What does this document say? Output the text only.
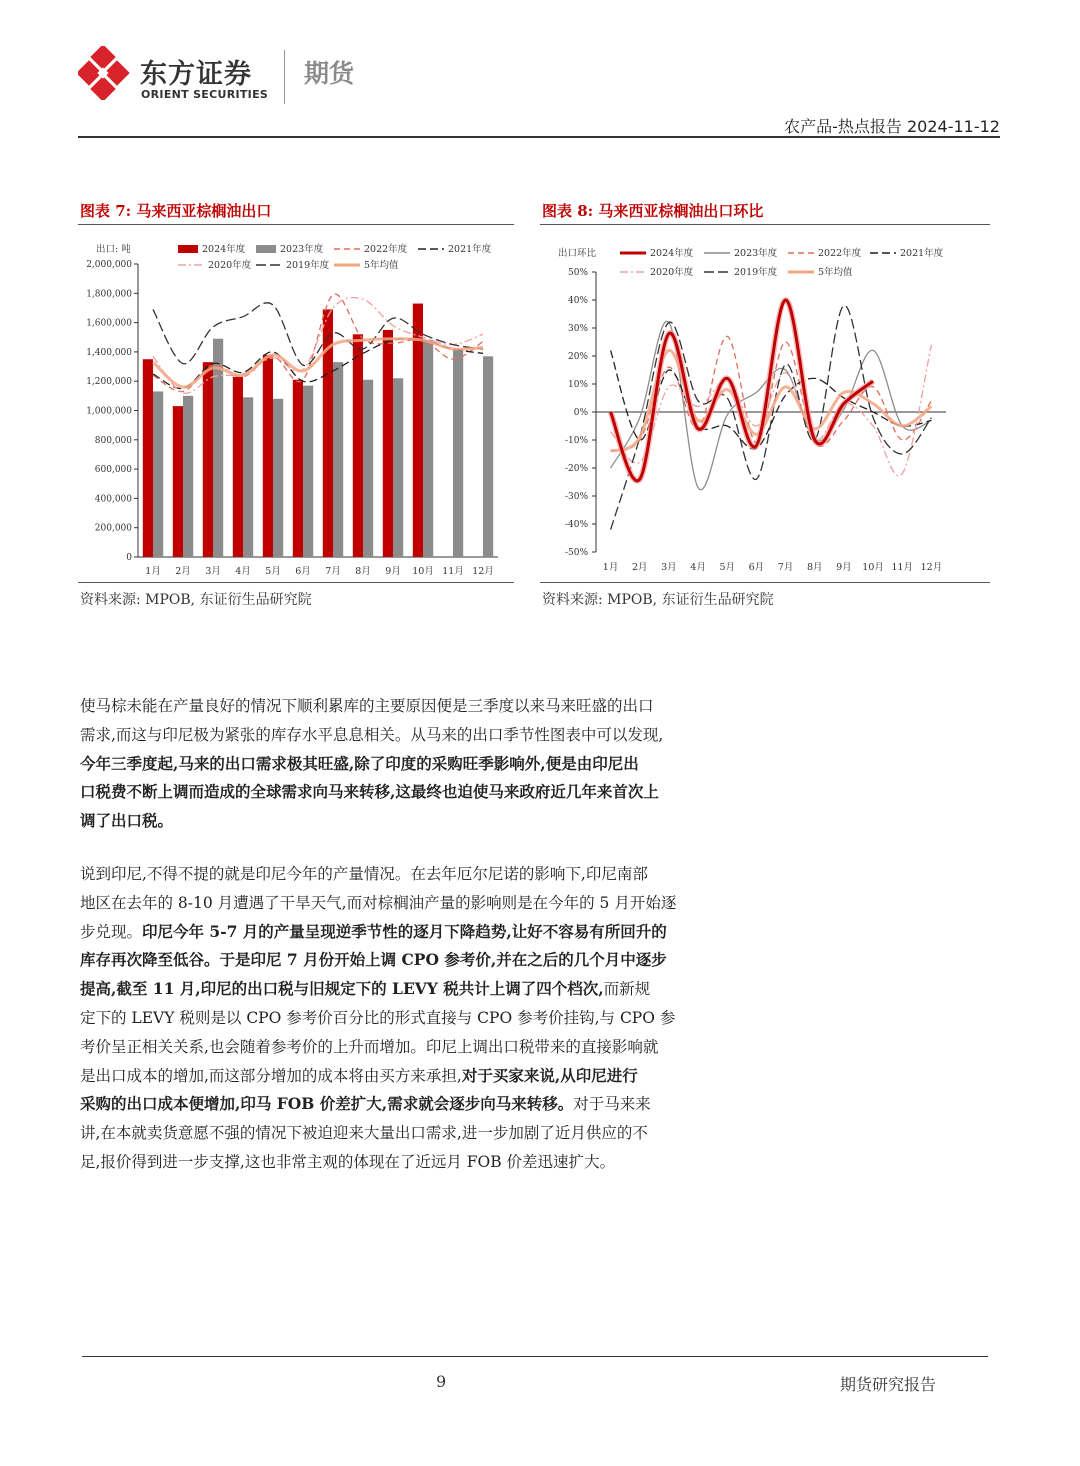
东方证券
ORIENT SECURITIES
期货
农产品-热点报告 2024-11-12
图表 7: 马来西亚棕榈油出口
出口: 吨	2024年度	2023年度	2022年度	2021年度
2020年度	2019年度	5年均值
0
200,000
400,000
600,000
800,000
1,000,000
1,200,000
1,400,000
1,600,000
1,800,000
2,000,000
1月 2月 3月 4月 5月 6月 7月 8月 9月 10月 11月 12月
资料来源: MPOB, 东证衍生品研究院
图表 8: 马来西亚棕榈油出口环比
出口环比	2024年度	2023年度	2022年度	2021年度
2020年度	2019年度	5年均值
-50%
-40%
-30%
-20%
-10%
0%
10%
20%
30%
40%
50%
1月 2月 3月 4月 5月 6月 7月 8月 9月 10月 11月 12月
资料来源: MPOB, 东证衍生品研究院
使马棕未能在产量良好的情况下顺利累库的主要原因便是三季度以来马来旺盛的出口
需求,而这与印尼极为紧张的库存水平息息相关。从马来的出口季节性图表中可以发现,
今年三季度起,马来的出口需求极其旺盛,除了印度的采购旺季影响外,便是由印尼出
口税费不断上调而造成的全球需求向马来转移,这最终也迫使马来政府近几年来首次上
调了出口税。
说到印尼,不得不提的就是印尼今年的产量情况。在去年厄尔尼诺的影响下,印尼南部
地区在去年的 8-10 月遭遇了干旱天气,而对棕榈油产量的影响则是在今年的 5 月开始逐
步兑现。印尼今年 5-7 月的产量呈现逆季节性的逐月下降趋势,让好不容易有所回升的
库存再次降至低谷。于是印尼 7 月份开始上调 CPO 参考价,并在之后的几个月中逐步
提高,截至 11 月,印尼的出口税与旧规定下的 LEVY 税共计上调了四个档次,而新规
定下的 LEVY 税则是以 CPO 参考价百分比的形式直接与 CPO 参考价挂钩,与 CPO 参
考价呈正相关关系,也会随着参考价的上升而增加。印尼上调出口税带来的直接影响就
是出口成本的增加,而这部分增加的成本将由买方来承担,对于买家来说,从印尼进行
采购的出口成本便增加,印马 FOB 价差扩大,需求就会逐步向马来转移。对于马来来
讲,在本就卖货意愿不强的情况下被迫迎来大量出口需求,进一步加剧了近月供应的不
足,报价得到进一步支撑,这也非常主观的体现在了近远月 FOB 价差迅速扩大。
9	期货研究报告
